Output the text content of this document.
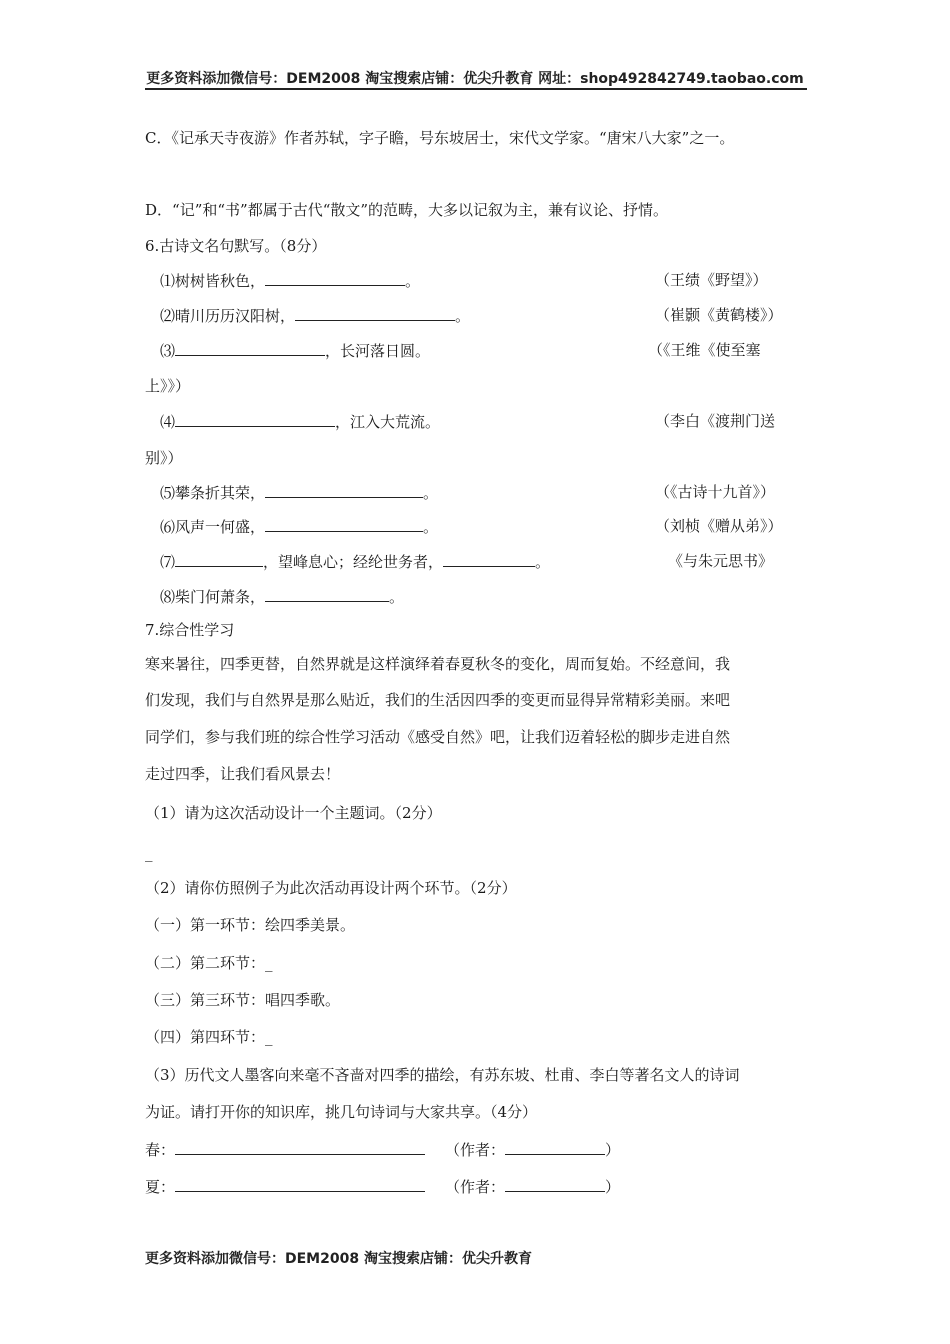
更多资料添加微信号：DEM2008 淘宝搜索店铺：优尖升教育 网址：shop492842749.taobao.com
C．《记承天寺夜游》作者苏轼，字子瞻，号东坡居士，宋代文学家。“唐宋八大家”之一。
D．“记”和“书”都属于古代“散文”的范畴，大多以记叙为主，兼有议论、抒情。
6.古诗文名句默写。（8分）
⑴树树皆秋色，	。	（王绩《野望》）
⑵晴川历历汉阳树，	。	（崔颢《黄鹤楼》）
⑶	，长河落日圆。	（《王维《使至塞
上》》）
⑷	，江入大荒流。	（李白《渡荆门送
别》）
⑸攀条折其荣，	。	（《古诗十九首》）
⑹风声一何盛，	。	（刘桢《赠从弟》）
⑺	，望峰息心；经纶世务者，	。	《与朱元思书》
⑻柴门何萧条，	。
7.综合性学习
寒来暑往，四季更替，自然界就是这样演绎着春夏秋冬的变化，周而复始。不经意间，我
们发现，我们与自然界是那么贴近，我们的生活因四季的变更而显得异常精彩美丽。来吧
同学们，参与我们班的综合性学习活动《感受自然》吧，让我们迈着轻松的脚步走进自然
走过四季，让我们看风景去！
（1）请为这次活动设计一个主题词。（2分）
_
（2）请你仿照例子为此次活动再设计两个环节。（2分）
（一）第一环节：绘四季美景。
（二）第二环节：_
（三）第三环节：唱四季歌。
（四）第四环节：_
（3）历代文人墨客向来毫不吝啬对四季的描绘，有苏东坡、杜甫、李白等著名文人的诗词
为证。请打开你的知识库，挑几句诗词与大家共享。（4分）
春：	（作者：	）
夏：	（作者：	）
更多资料添加微信号：DEM2008 淘宝搜索店铺：优尖升教育
